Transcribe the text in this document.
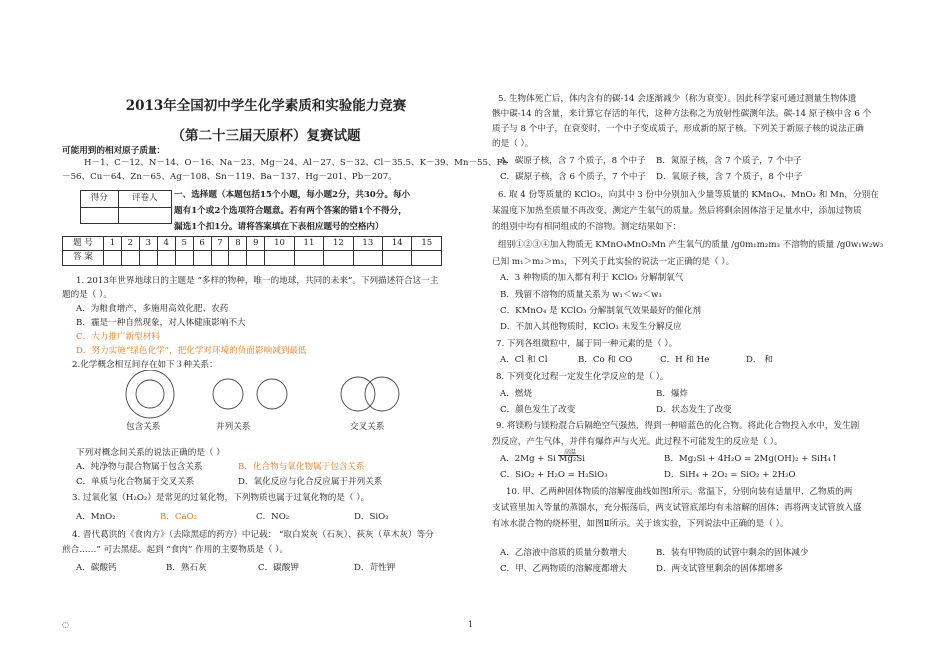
2013年全国初中学生化学素质和实验能力竞赛
（第二十三届天原杯）复赛试题
可能用到的相对原子质量：
H－1、C－12、N－14、O－16、Na－23、Mg－24、Al－27、S－32、Cl－35.5、K－39、Mn－55、Fe
－56、Cu－64、Zn－65、Ag－108、Sn－119、Ba－137、Hg－201、Pb－207。
得分	评卷人
	一、选择题（本题包括15个小题，每小题2分，共30分。每小
题有1个或2个选项符合题意。若有两个答案的错1个不得分，
漏选1个扣1分。请将答案填在下表相应题号的空格内）
题 号	1	2	3	4	5	6	7	8	9	10	11	12	13	14	15
答 案															
1. 2013年世界地球日的主题是 “多样的物种，唯一的地球，共同的未来”。下列描述符合这一主
题的是（ ）。
A．为粮食增产，多施用高效化肥、农药
B．霾是一种自然现象，对人体健康影响不大
C．大力推广新型材料
D．努力实施“绿色化学”，把化学对环境的负面影响减到最低
2.化学概念相互间存在如下３种关系：
包含关系	并列关系	交叉关系
下列对概念间关系的说法正确的是（ ）
A．纯净物与混合物属于包含关系	B．化合物与氧化物属于包含关系
C．单质与化合物属于交叉关系	D．氧化反应与化合反应属于并列关系
3. 过氧化氢（H₂O₂）是常见的过氧化物，下列物质也属于过氧化物的是（ ）。
A．MnO₂	B．CaO₂	C．NO₂	D．SiO₂
4. 晋代葛洪的《食肉方》（去除黑痣的药方）中记载： “取白炭灰（石灰）、荻灰（草木灰）等分
煎合……” 可去黑痣。起到 “食肉” 作用的主要物质是（ ）。
A．碳酸钙	B．熟石灰	C．碳酸钾	D．苛性钾
5. 生物体死亡后，体内含有的碳-14 会逐渐减少（称为衰变）。因此科学家可通过测量生物体遗
骸中碳-14 的含量，来计算它存活的年代，这种方法称之为放射性碳测年法。碳-14 原子核中含 6 个
质子与 8 个中子，在衰变时，一个中子变成质子，形成新的原子核。下列关于新原子核的说法正确
的是（ ）。
A．碳原子核，含 7 个质子，8 个中子 B．氮原子核，含 7 个质子，7 个中子
C．碳原子核，含 6 个质子，7 个中子 D．氧原子核，含 7 个质子，8 个中子
6. 取 4 份等质量的 KClO₃，向其中 3 份中分别加入少量等质量的 KMnO₄、MnO₂ 和 Mn，分别在
某温度下加热至质量不再改变，测定产生氧气的质量。然后将剩余固体溶于足量水中，添加过物质
的组别中均有相同组成的不溶物。测定结果如下：
组别①②③④加入物质无 KMnO₄MnO₂Mn 产生氧气的质量 /g0m₁m₂m₃ 不溶物的质量 /g0w₁w₂w₃
已知 m₁＞m₂＞m₃，下列关于此实验的说法一定正确的是（ ）。
A．3 种物质的加入都有利于 KClO₃ 分解制氧气
B．残留不溶物的质量关系为 w₁＜w₂＜w₃
C．KMnO₄ 是 KClO₃ 分解制氧气效果最好的催化剂
D．不加入其他物质时，KClO₃ 未发生分解反应
7. 下列各组微粒中，属于同一种元素的是（ ）。
A．Cl 和 Cl	B．Co 和 CO	C．H 和 He	D． 和
8. 下列变化过程一定发生化学反应的是（ ）。
A．燃烧	B．爆炸
C．颜色发生了改变	D．状态发生了改变
9. 将镁粉与镁粉混合后隔绝空气强热，得到一种暗蓝色的化合物。将此化合物投入水中，发生剧
烈反应，产生气体，并伴有爆炸声与火光。此过程不可能发生的反应是（ ）。
高温
A．2Mg + Si Mg₂Si	B．Mg₂Si + 4H₂O = 2Mg(OH)₂ + SiH₄↑
C．SiO₂ + H₂O = H₂SiO₃	D．SiH₄ + 2O₂ = SiO₂ + 2H₂O
10. 甲、乙两种固体物质的溶解度曲线如图Ⅰ所示。常温下，分别向装有适量甲、乙物质的两
支试管里加入等量的蒸馏水，充分振荡后，两支试管底部均有未溶解的固体；再将两支试管放入盛
有冰水混合物的烧杯里，如图Ⅱ所示。关于该实验，下列说法中正确的是（ ）。
A．乙溶液中溶质的质量分数增大	B．装有甲物质的试管中剩余的固体减少
C．甲、乙两物质的溶解度都增大	D．两支试管里剩余的固体都增多
◌	1
